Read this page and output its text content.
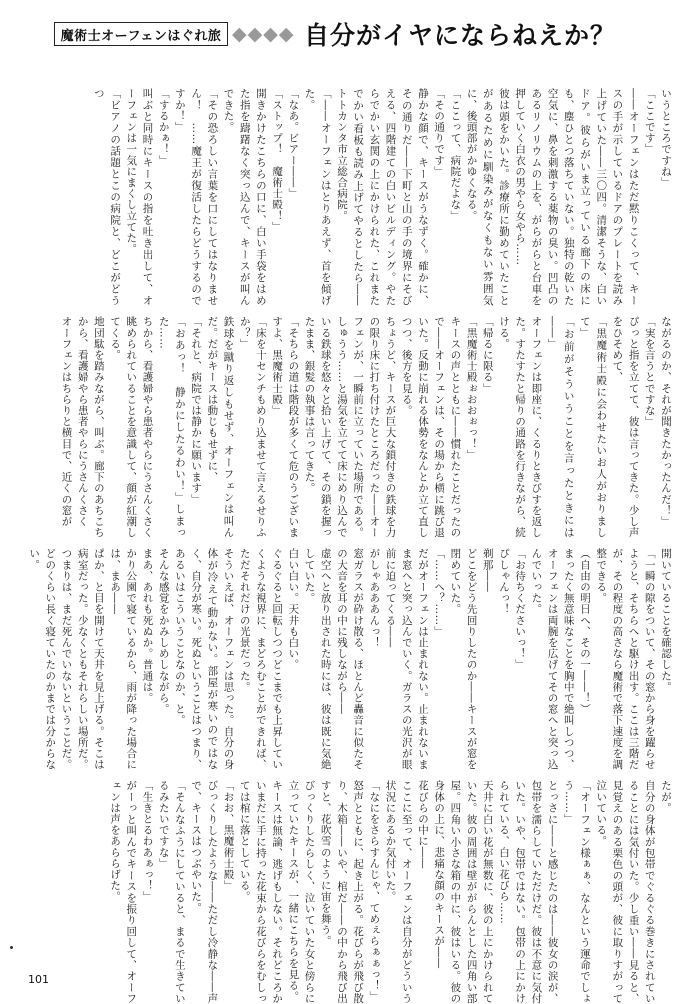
魔術士オーフェンはぐれ旅 ◆◆◆◆ 自分がイヤにならねえか？

いうところですね」
「ここです」
――オーフェンはただ黙りこくって、キースの手が示しているドアのプレートを読み上げていた――三〇四。清潔そうな、白いドア。彼らがいま立っている廊下の床にも、塵ひとつ落ちていない。独特の乾いた空気に、鼻を刺激する薬物の臭い。凹凸のあるリノリウムの上を、がらがらと台車を押していく白衣の男やら女やら……
彼は頭をかいた。診療所に勤めていたことがあるために馴染みがなくもない雰囲気に、後頭部がかゆくなる。
「ここって、病院だよな」
「その通りです」
静かな顔で、キースがうなずく。確かに、その通りだ――下町と山の手の境界にそびえる、四階建ての白いビルディング。やたらでかい玄関の上にかけられた、これまたでかい看板も読み上げてやるとしたら――トトカンタ市立総合病院。
「――オーフェンはとりあえず、首を傾げた。
「なあ。ビアー――」
「ストップ！　魔術士殿！」
開きかけたこちらの口に、白い手袋をはめた指を躊躇なく突っ込んで、キースが叫んできた。
「その恐ろしい言葉を口にしてはなりません！　……魔王が復活したらどうするのですか！」
「するかぁ！」
叫ぶと同時にキースの指を吐き出して、オーフェンは一気にまくし立てた。
「ビアノの話題とこの病院と、どこがどうつ

ながるのか、それが聞きたかったんだ！」
「実を言うとですな」
ぴっと指を立てて、彼は言ってきた。少し声をひそめて、
「黒魔術士殿に会わせたいお人がおりまして」
「お前がそういうことを言ったときには――」
オーフェンは即座に、くるりときびすを返した。すたすたと帰りの通路を行きながら、続ける。
「帰るに限る」
「黒魔術士殿ぉおおぉっ！」
キースの声とともに――慣れたことだったので――オーフェンは、その場から横に跳び退いた。反動に崩れる体勢をなんとか立て直しつつ、後方を見る。
ちょうど、キースが巨大な鎖付きの鉄球を力の限り床に打ち付けたところだった――オーフェンが、一瞬前に立っていた場所である。しゅうう……と湯気を立てて床にめり込んでいる鉄球を悠々と拾い上げて、その鎖を握ったまま、銀髪の執事は言ってきた。
「そちらの道は階段が多くて危のうございますよ、黒魔術士殿」
「床を十センチもめり込ませて言えるせりふか？」
鉄球を蹴り返しもせず、オーフェンは叫んだ。だがキースは動じもせずに、
「それと、病院では静かに願います」
「おあっ！　静かにしたるわい！」しまった……
ちから、看護婦やら患者やらにうさんくさく眺められていることを意識して、顔が紅潮してくる。
地団駄を踏みながら、叫ぶ。廊下のあちこちから、看護婦やら患者やらにうさんくさく
オーフェンはちらりと横目で、近くの窓が

開いていることを確認した。
「一瞬の隙をついて、その窓から身を躍らせようと、そちらへと駆け出す。ここは三階だが、その程度の高さなら魔術で落下速度を調整できる。
（自由の明日へ、その一――！）
まったく無意味なことを胸中で絶叫しつつ、オーフェンは両腕を広げてその窓へと突っ込んでいった。
「お待ちくださいっ！」
ぴしゃんっ！
剃那――
どこをどう先回りしたのか――キースが窓を閉めていた。
「……へ？……」
だがオーフェンは止まれない。止まれないまま窓へと突っ込んでいく。ガラスの光沢が眼前に迫ってくる――
がしゃあああんっ！
窓ガラスが砕け散る、ほとんど轟音に似たその大音を耳の中に残しながら――
虚空へと放り出された時には、彼は既に気絶していた。
白い白い。天井も白い。
ぐるぐると回転しつつどこまでも上昇していくような視界に、まどろむことができれば、ただそれだけの光景だった。
そういえば、オーフェンは思った。自分の身体が冷えて動かない。部屋が寒いのではなく、自分が寒い。死ぬということはつまり、あるいはこういうことなのか、と。
そんな感覚をかみしめしながら。
まあ、あれも死ぬか。普通は。
かり公園で寝ているから、雨が降った場合には、まあ――
ぱか、と目を開けて天井を見上げる。そこは病室だった。少なくともそれらしい場所だ。
つまりは、まだ死んでいないということだ。どのくらい長く寝ていたのかまでは分からない。

たが。
自分の身体が包帯でぐるぐる巻きにされていることには気付いた。少し重い――見ると、見覚えのある栗色の頭が、彼に取りすがって泣いている。
「オーフェン様ぁぁ、なんという運命でしょう……」
とっさに――と感じたのは――彼女の涙が、包帯を濡らしていただけだ。彼は不意に気付いた。いや、包帯ではない。包帯の上にかけられている、白い花びら……
天井に白い花が無数に、彼の上にかけられていた。彼の周囲は壁ががらんとした四角い部屋。四角い小さな箱の中に、彼はいる。彼の身体の上に、悲痛な顔のキースが――
花びらの中に――
ここに至って、オーフェンは自分がどういう状況にあるか気付いた。
「なにをさらすんじゃ、てめぇらぁぁっ！」
怒声とともに、起き上がる。花びらが飛び散り、木箱――いや、棺だ――の中から飛び出すと、花吹雪のように宙を舞う。
びっくりしたらしく、泣いていた女と傍らに立っていたキースが、一緒にこちらを見る。
キースは無論、逃げもしない。それどころかいまだに手に持った花束から花びらをむしっては棺に落としている。
「おお、黒魔術士殿」
びっくりしたような――ただし冷静な――声で、キースはつぶやいた。
「そんなふうにしていると、まるで生きているみたいですな」
「生きとるわあぁっ！」
がーっと叫んでキースを振り回して、オーフェンは声をあららげた。

101
